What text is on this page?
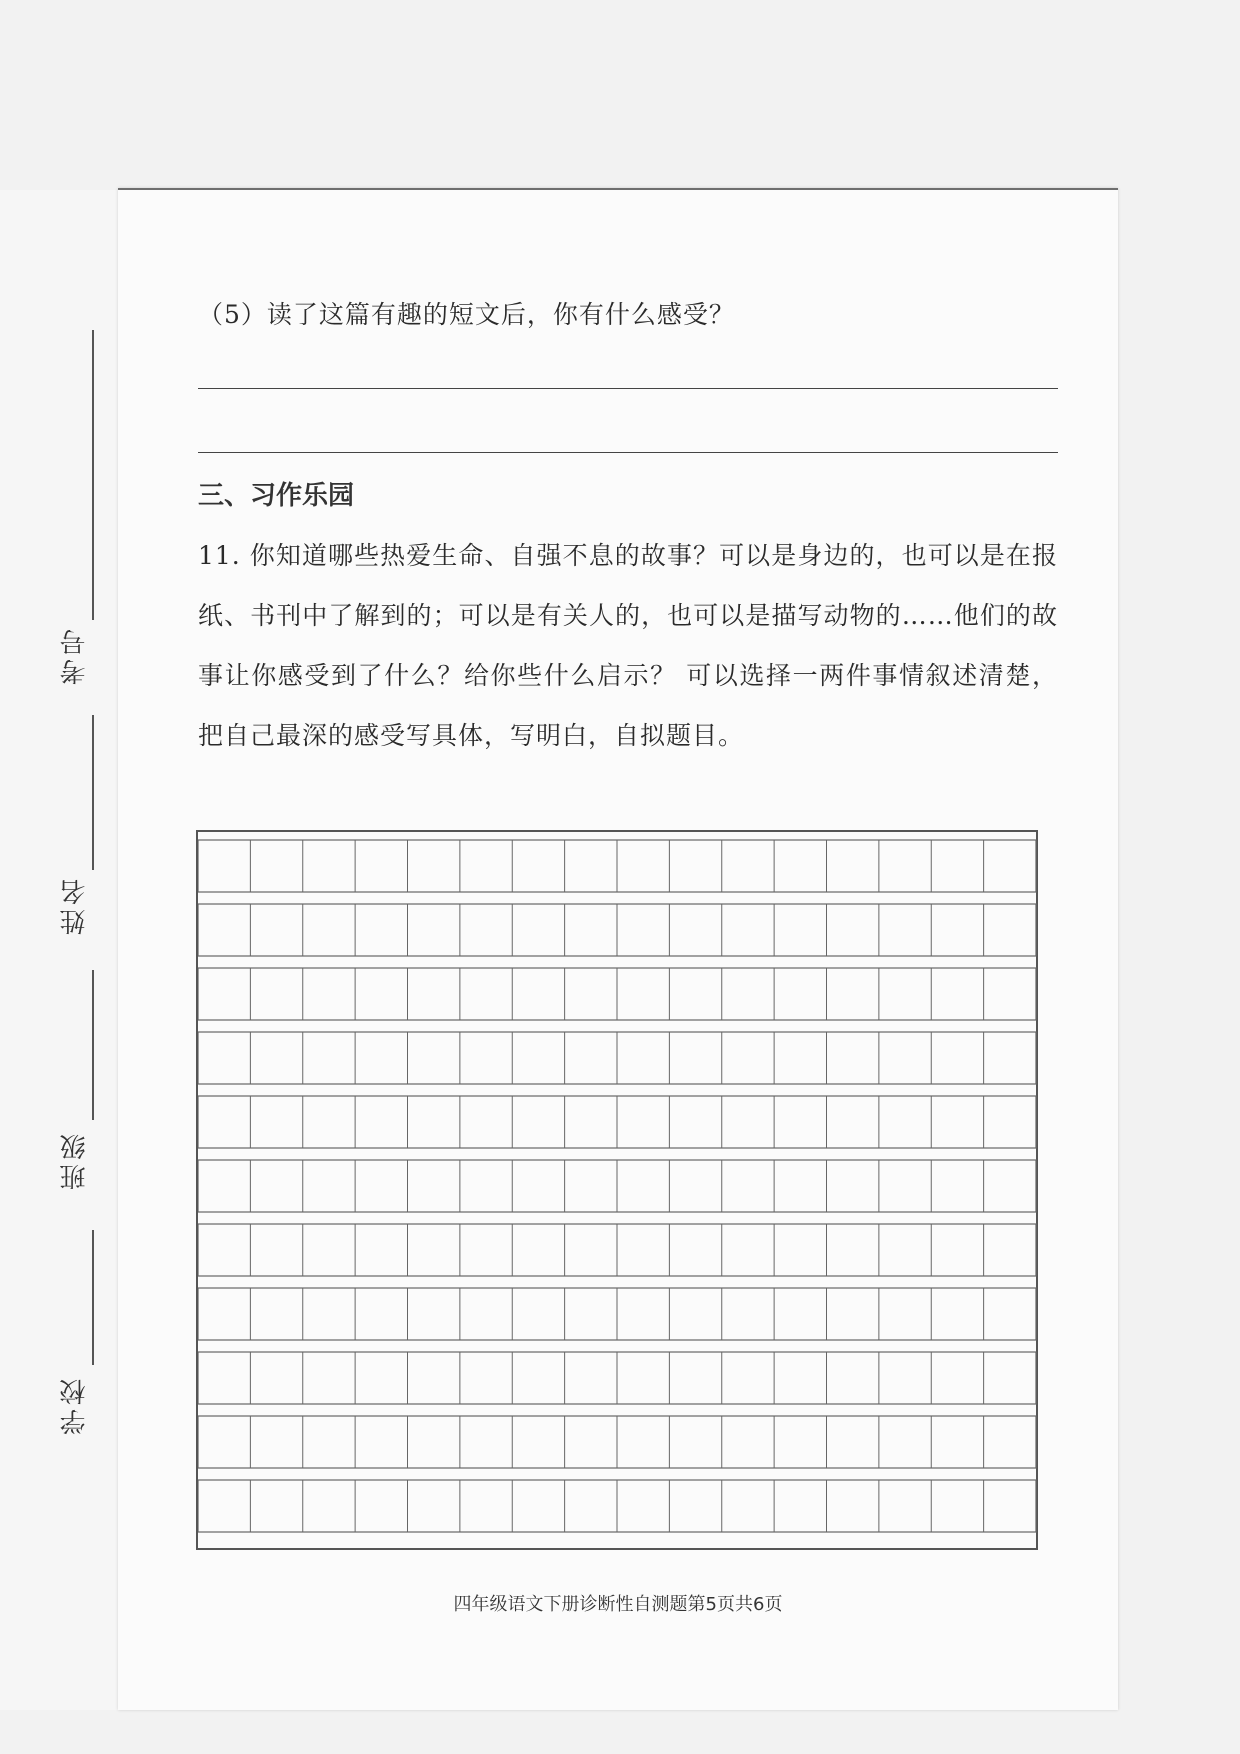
考号
姓名
班级
学校
（5）读了这篇有趣的短文后，你有什么感受？
三、习作乐园
11. 你知道哪些热爱生命、自强不息的故事？可以是身边的，也可以是在报纸、书刊中了解到的；可以是有关人的，也可以是描写动物的……他们的故事让你感受到了什么？给你些什么启示？ 可以选择一两件事情叙述清楚，把自己最深的感受写具体，写明白，自拟题目。
四年级语文下册诊断性自测题第5页共6页
